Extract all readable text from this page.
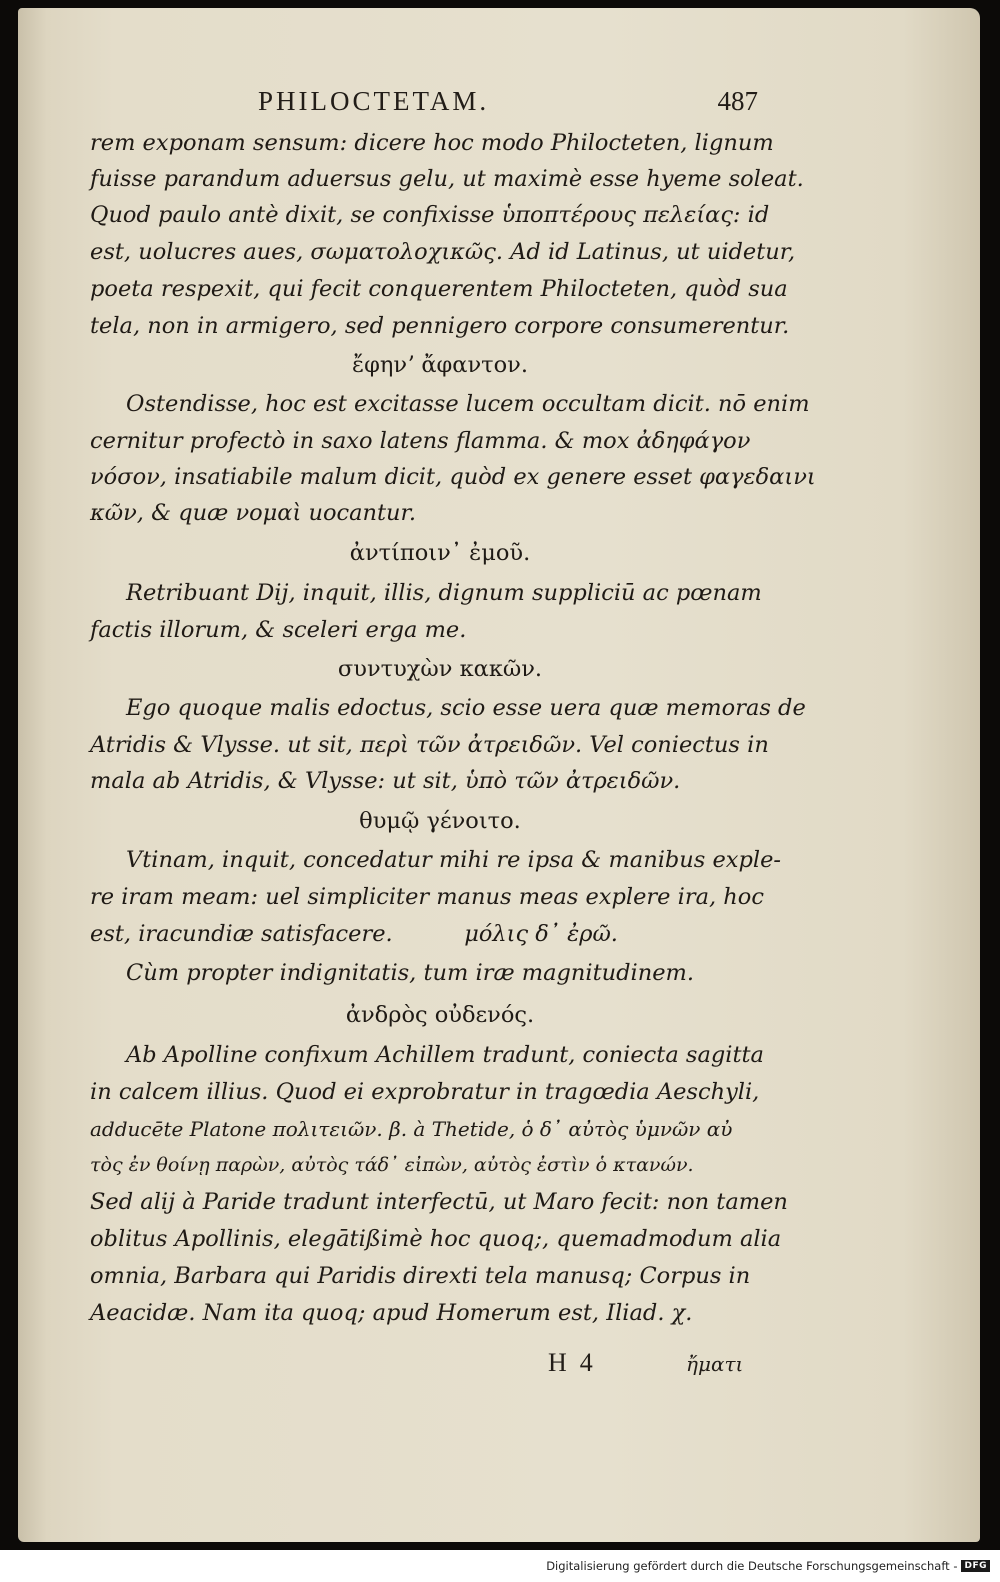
PHILOCTETAM.	487
rem exponam sensum: dicere hoc modo Philocteten, lignum
fuisse parandum aduersus gelu, ut maximè esse hyeme soleat.
Quod paulo antè dixit, se confixisse ὑποπτέρους πελείας: id
est, uolucres aues, σωματολοχικῶς. Ad id Latinus, ut uidetur,
poeta respexit, qui fecit conquerentem Philocteten, quòd sua
tela, non in armigero, sed pennigero corpore consumerentur.
ἔφηνʼ ἄφαντον.
Ostendisse, hoc est excitasse lucem occultam dicit. nō enim
cernitur profectò in saxo latens flamma. & mox ἀδηφάγον
νόσον, insatiabile malum dicit, quòd ex genere esset φαγεδαινι
κῶν, & quæ νομαὶ uocantur.
ἀντίποιν᾽ ἐμοῦ.
Retribuant Dij, inquit, illis, dignum suppliciū ac pœnam
factis illorum, & sceleri erga me.
συντυχὼν κακῶν.
Ego quoque malis edoctus, scio esse uera quæ memoras de
Atridis & Vlysse. ut sit, περὶ τῶν ἀτρειδῶν. Vel coniectus in
mala ab Atridis, & Vlysse: ut sit, ὑπὸ τῶν ἀτρειδῶν.
θυμῷ γένοιτο.
Vtinam, inquit, concedatur mihi re ipsa & manibus exple-
re iram meam: uel simpliciter manus meas explere ira, hoc
est, iracundiæ satisfacere.          μόλις δ᾽ ἐρῶ.
Cùm propter indignitatis, tum iræ magnitudinem.
ἀνδρὸς οὐδενός.
Ab Apolline confixum Achillem tradunt, coniecta sagitta
in calcem illius. Quod ei exprobratur in tragœdia Aeschyli,
adducēte Platone πολιτειῶν. β. à Thetide, ὁ δ᾽ αὐτὸς ὑμνῶν αὐ
τὸς ἐν θοίνῃ παρὼν, αὐτὸς τάδ᾽ εἰπὼν, αὐτὸς ἐστὶν ὁ κτανών.
Sed alij à Paride tradunt interfectū, ut Maro fecit: non tamen
oblitus Apollinis, elegātißimè hoc quoq;, quemadmodum alia
omnia, Barbara qui Paridis direxti tela manusq; Corpus in
Aeacidæ. Nam ita quoq; apud Homerum est, Iliad. χ.
H  4	ἤματι
Digitalisierung gefördert durch die Deutsche Forschungsgemeinschaft - DFG
